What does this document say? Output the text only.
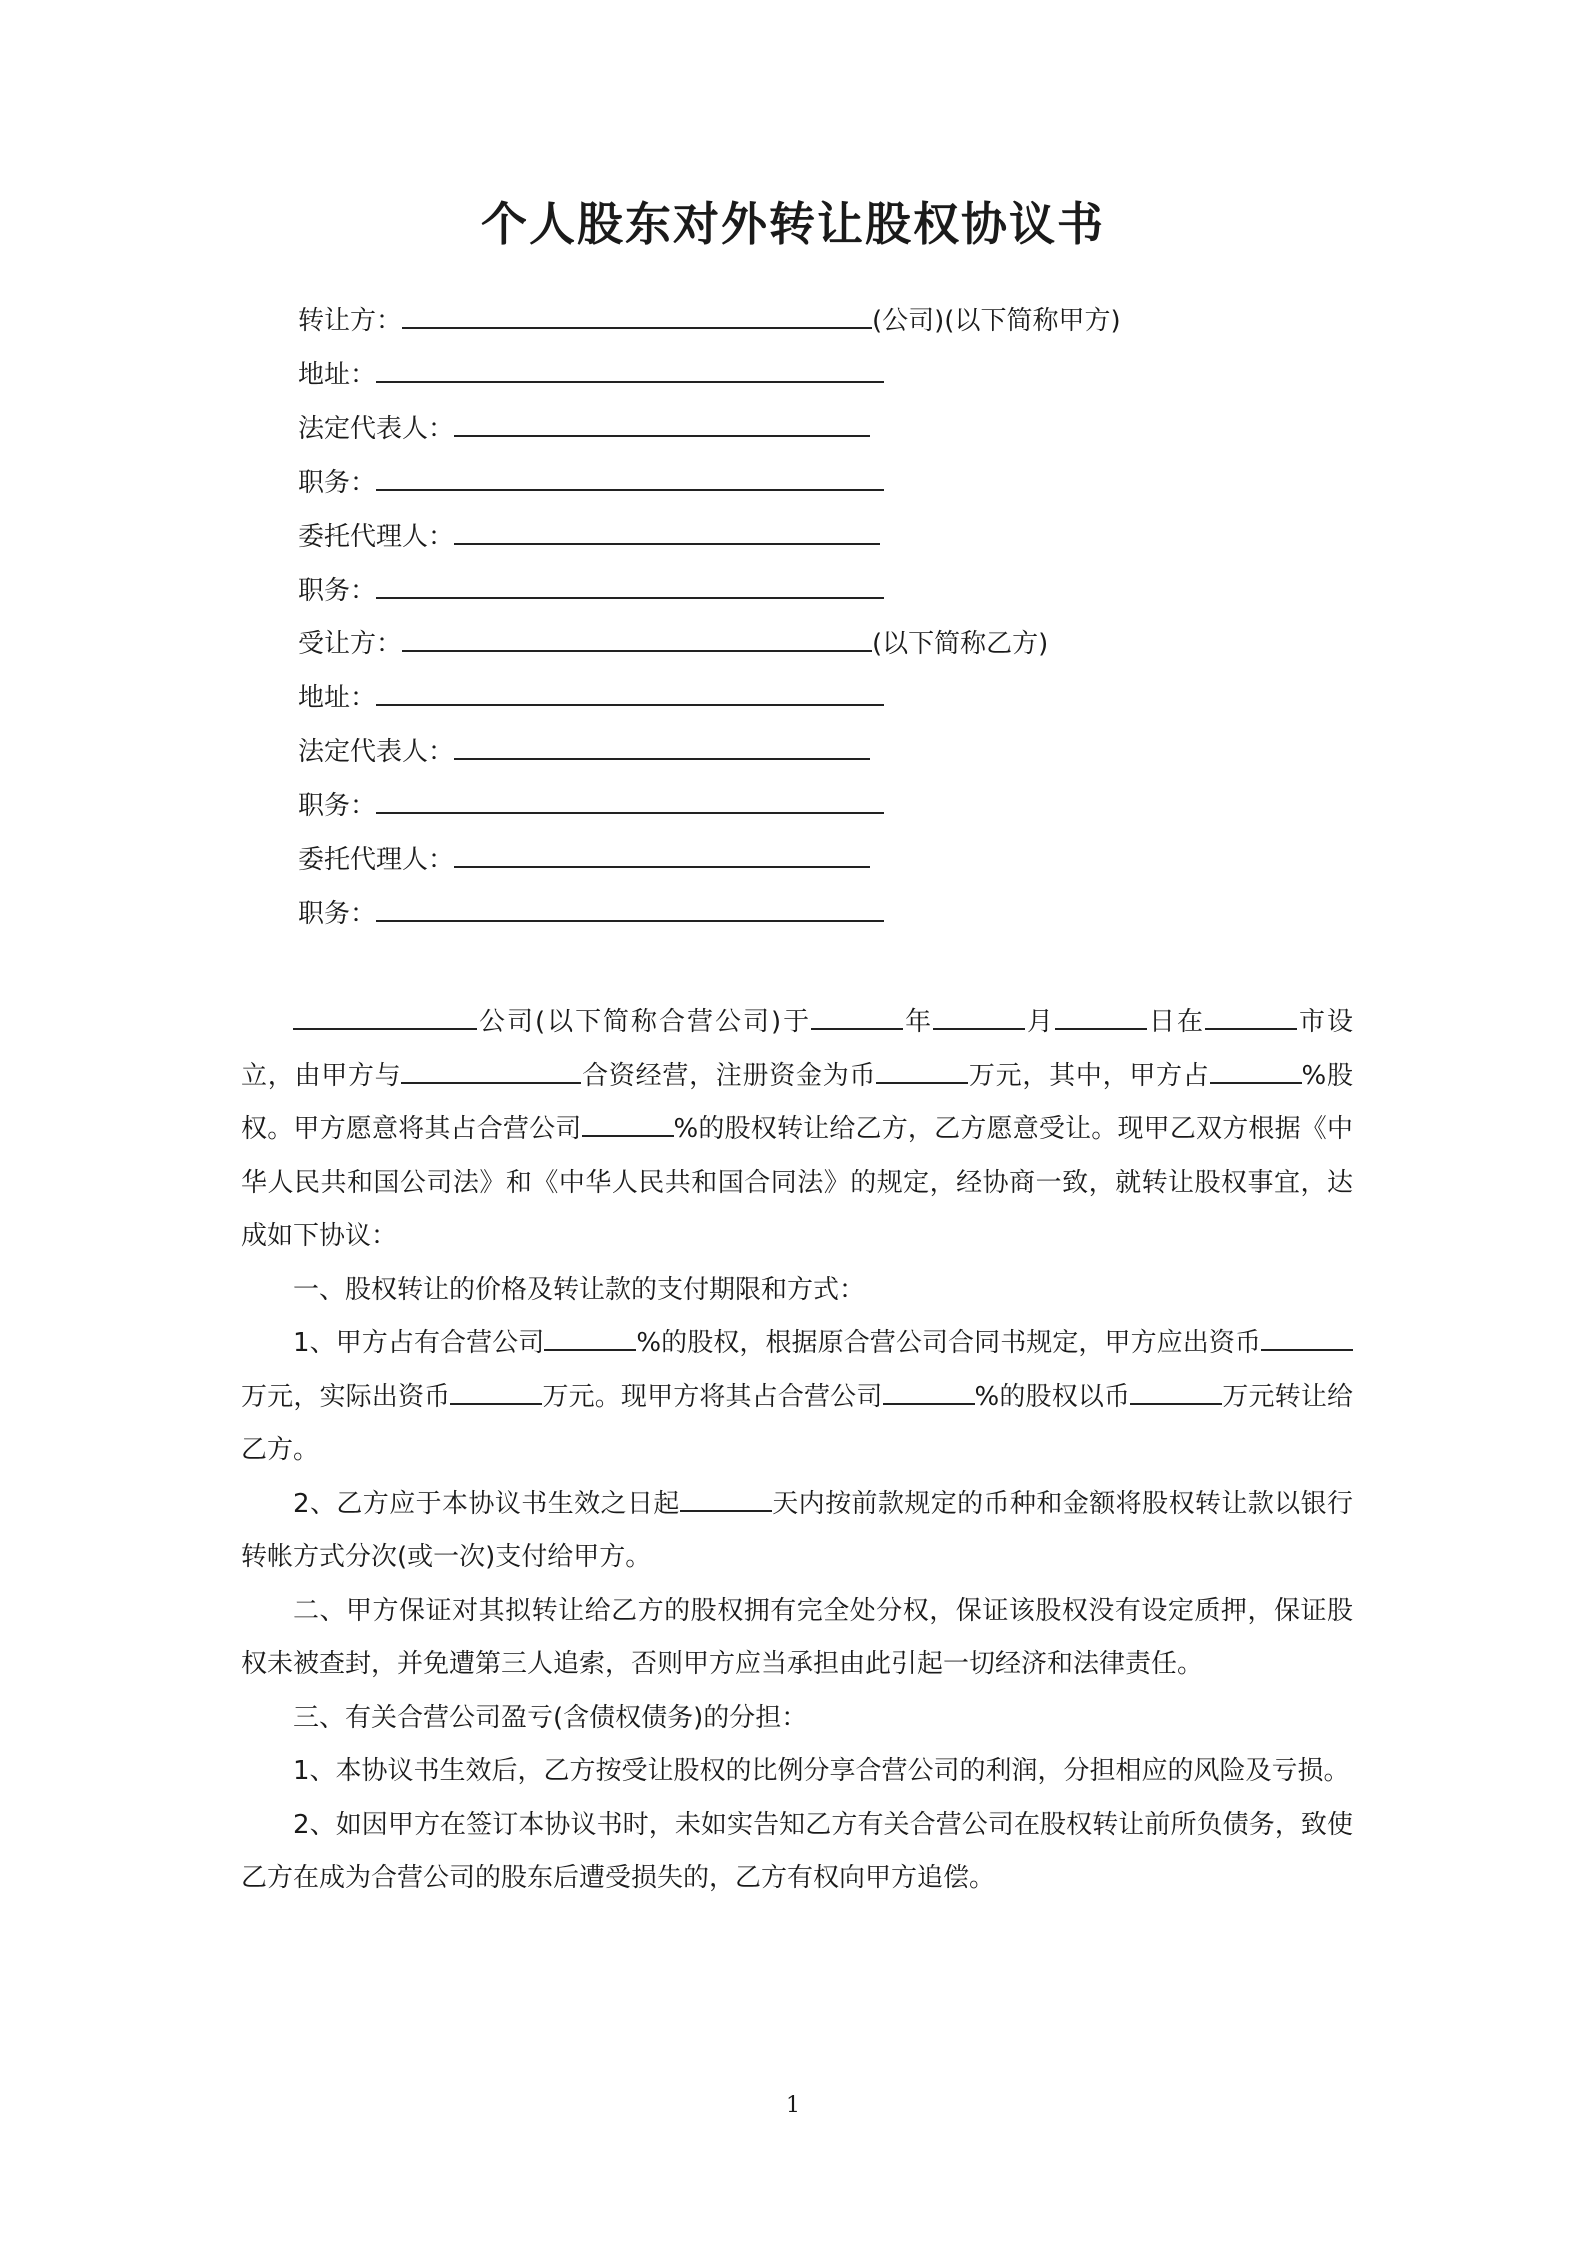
个人股东对外转让股权协议书
转让方：	(公司)(以下简称甲方)
地址：
法定代表人：
职务：
委托代理人：
职务：
受让方：	(以下简称乙方)
地址：
法定代表人：
职务：
委托代理人：
职务：

公司(以下简称合营公司)于	年	月	日在	市设立，由甲方与	合资经营，注册资金为币	万元，其中，甲方占	%股权。甲方愿意将其占合营公司	%的股权转让给乙方，乙方愿意受让。现甲乙双方根据《中华人民共和国公司法》和《中华人民共和国合同法》的规定，经协商一致，就转让股权事宜，达成如下协议：

一、股权转让的价格及转让款的支付期限和方式：

1、甲方占有合营公司	%的股权，根据原合营公司合同书规定，甲方应出资币万元，实际出资币	万元。现甲方将其占合营公司	%的股权以币	万元转让给乙方。

2、乙方应于本协议书生效之日起	天内按前款规定的币种和金额将股权转让款以银行转帐方式分次(或一次)支付给甲方。

二、甲方保证对其拟转让给乙方的股权拥有完全处分权，保证该股权没有设定质押，保证股权未被查封，并免遭第三人追索，否则甲方应当承担由此引起一切经济和法律责任。

三、有关合营公司盈亏(含债权债务)的分担：

1、本协议书生效后，乙方按受让股权的比例分享合营公司的利润，分担相应的风险及亏损。

2、如因甲方在签订本协议书时，未如实告知乙方有关合营公司在股权转让前所负债务，致使乙方在成为合营公司的股东后遭受损失的，乙方有权向甲方追偿。

1
